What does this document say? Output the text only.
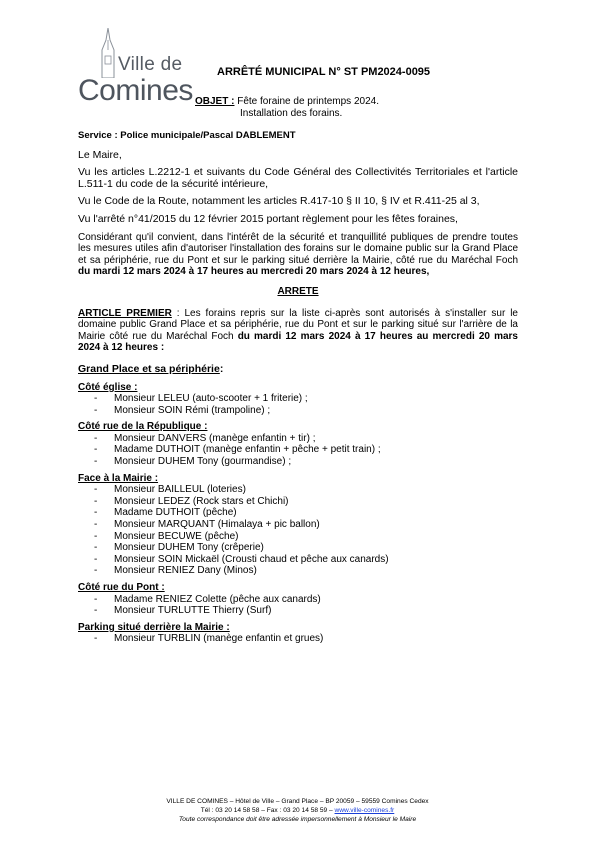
Ville de
Comines
ARRÊTÉ MUNICIPAL N° ST PM2024-0095
OBJET : Fête foraine de printemps 2024.
Installation des forains.
Service : Police municipale/Pascal DABLEMENT

Le Maire,

Vu les articles L.2212-1 et suivants du Code Général des Collectivités Territoriales et l'article L.511-1 du code de la sécurité intérieure,

Vu le Code de la Route, notamment les articles R.417-10 § II 10, § IV et R.411-25 al 3,

Vu l'arrêté n°41/2015 du 12 février 2015 portant règlement pour les fêtes foraines,

Considérant qu'il convient, dans l'intérêt de la sécurité et tranquillité publiques de prendre toutes les mesures utiles afin d'autoriser l'installation des forains sur le domaine public sur la Grand Place et sa périphérie, rue du Pont et sur le parking situé derrière la Mairie, côté rue du Maréchal Foch du mardi 12 mars 2024 à 17 heures au mercredi 20 mars 2024 à 12 heures,

ARRETE

ARTICLE PREMIER : Les forains repris sur la liste ci-après sont autorisés à s'installer sur le domaine public Grand Place et sa périphérie, rue du Pont et sur le parking situé sur l'arrière de la Mairie côté rue du Maréchal Foch du mardi 12 mars 2024 à 17 heures au mercredi 20 mars 2024 à 12 heures :

Grand Place et sa périphérie:
Côté église :
- Monsieur LELEU (auto-scooter + 1 friterie) ;
- Monsieur SOIN Rémi (trampoline) ;
Côté rue de la République :
- Monsieur DANVERS (manège enfantin + tir) ;
- Madame DUTHOIT (manège enfantin + pêche + petit train) ;
- Monsieur DUHEM Tony (gourmandise) ;
Face à la Mairie :
- Monsieur BAILLEUL (loteries)
- Monsieur LEDEZ (Rock stars et Chichi)
- Madame DUTHOIT (pêche)
- Monsieur MARQUANT (Himalaya + pic ballon)
- Monsieur BECUWE (pêche)
- Monsieur DUHEM Tony (crêperie)
- Monsieur SOIN Mickaël (Crousti chaud et pêche aux canards)
- Monsieur RENIEZ Dany (Minos)
Côté rue du Pont :
- Madame RENIEZ Colette (pêche aux canards)
- Monsieur TURLUTTE Thierry (Surf)
Parking situé derrière la Mairie :
- Monsieur TURBLIN (manège enfantin et grues)
VILLE DE COMINES – Hôtel de Ville – Grand Place – BP 20059 – 59559 Comines Cedex
Tél : 03 20 14 58 58 – Fax : 03 20 14 58 59 – www.ville-comines.fr
Toute correspondance doit être adressée impersonnellement à Monsieur le Maire
